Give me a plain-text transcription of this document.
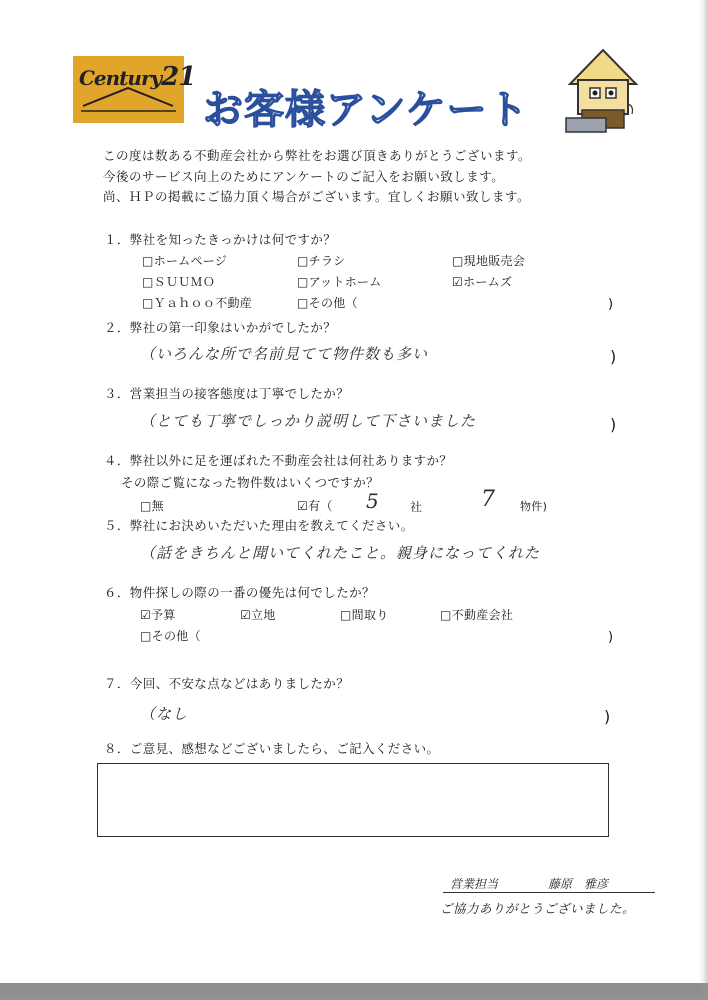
Century21
お客様アンケート
この度は数ある不動産会社から弊社をお選び頂きありがとうございます。
今後のサービス向上のためにアンケートのご記入をお願い致します。
尚、ＨＰの掲載にご協力頂く場合がございます。宜しくお願い致します。
１．弊社を知ったきっかけは何ですか？
□ホームページ	□チラシ	□現地販売会
□ＳＵＵＭＯ	□アットホーム	☑ホームズ
□Ｙａｈｏｏ不動産	□その他（	)
２．弊社の第一印象はいかがでしたか？
（いろんな所で名前見てて物件数も多い	)
３．営業担当の接客態度は丁寧でしたか？
（とても丁寧でしっかり説明して下さいました	)
４．弊社以外に足を運ばれた不動産会社は何社ありますか？
その際ご覧になった物件数はいくつですか？
□無	☑有（ 5	社	7 物件)
５．弊社にお決めいただいた理由を教えてください。
（話をきちんと聞いてくれたこと。親身になってくれた
６．物件探しの際の一番の優先は何でしたか？
☑予算	☑立地	□間取り	□不動産会社
□その他（	)
７．今回、不安な点などはありましたか？
（なし	)
８．ご意見、感想などございましたら、ご記入ください。
営業担当	藤原　雅彦
ご協力ありがとうございました。
